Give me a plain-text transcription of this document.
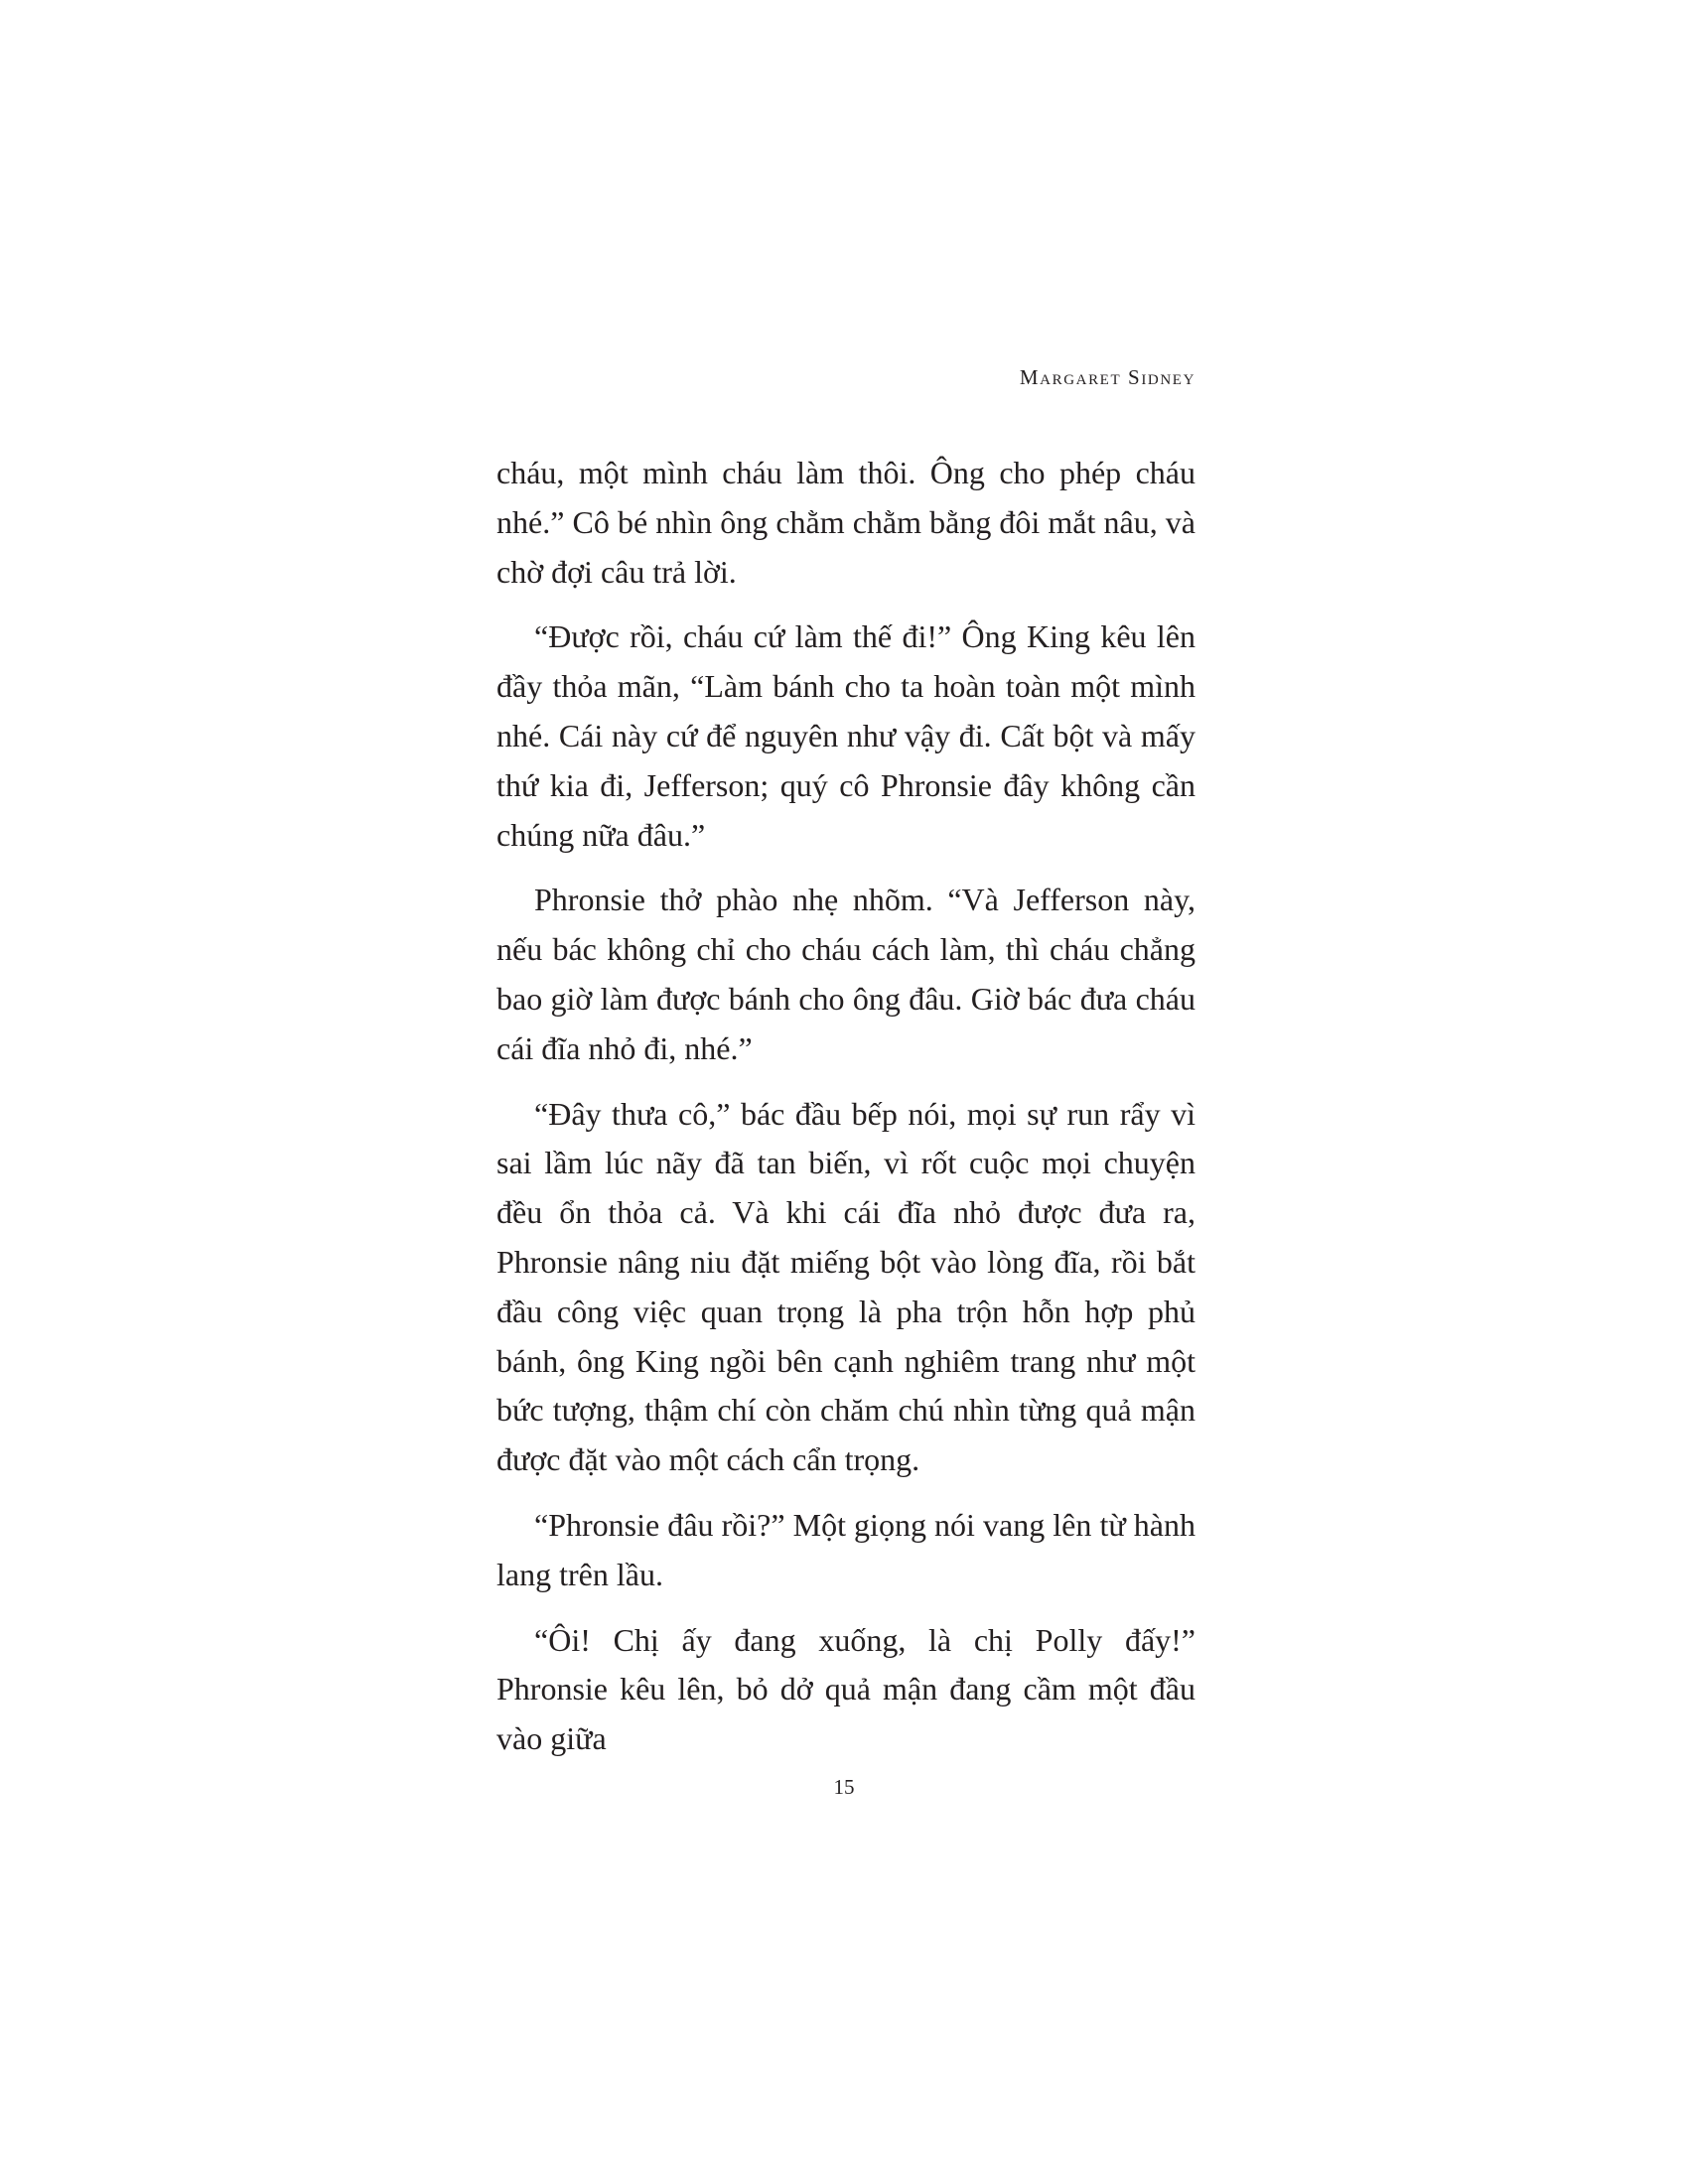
Margaret Sidney

cháu, một mình cháu làm thôi. Ông cho phép cháu nhé.” Cô bé nhìn ông chằm chằm bằng đôi mắt nâu, và chờ đợi câu trả lời.

“Được rồi, cháu cứ làm thế đi!” Ông King kêu lên đầy thỏa mãn, “Làm bánh cho ta hoàn toàn một mình nhé. Cái này cứ để nguyên như vậy đi. Cất bột và mấy thứ kia đi, Jefferson; quý cô Phronsie đây không cần chúng nữa đâu.”

Phronsie thở phào nhẹ nhõm. “Và Jefferson này, nếu bác không chỉ cho cháu cách làm, thì cháu chẳng bao giờ làm được bánh cho ông đâu. Giờ bác đưa cháu cái đĩa nhỏ đi, nhé.”

“Đây thưa cô,” bác đầu bếp nói, mọi sự run rẩy vì sai lầm lúc nãy đã tan biến, vì rốt cuộc mọi chuyện đều ổn thỏa cả. Và khi cái đĩa nhỏ được đưa ra, Phronsie nâng niu đặt miếng bột vào lòng đĩa, rồi bắt đầu công việc quan trọng là pha trộn hỗn hợp phủ bánh, ông King ngồi bên cạnh nghiêm trang như một bức tượng, thậm chí còn chăm chú nhìn từng quả mận được đặt vào một cách cẩn trọng.

“Phronsie đâu rồi?” Một giọng nói vang lên từ hành lang trên lầu.

“Ôi! Chị ấy đang xuống, là chị Polly đấy!” Phronsie kêu lên, bỏ dở quả mận đang cầm một đầu vào giữa

15
